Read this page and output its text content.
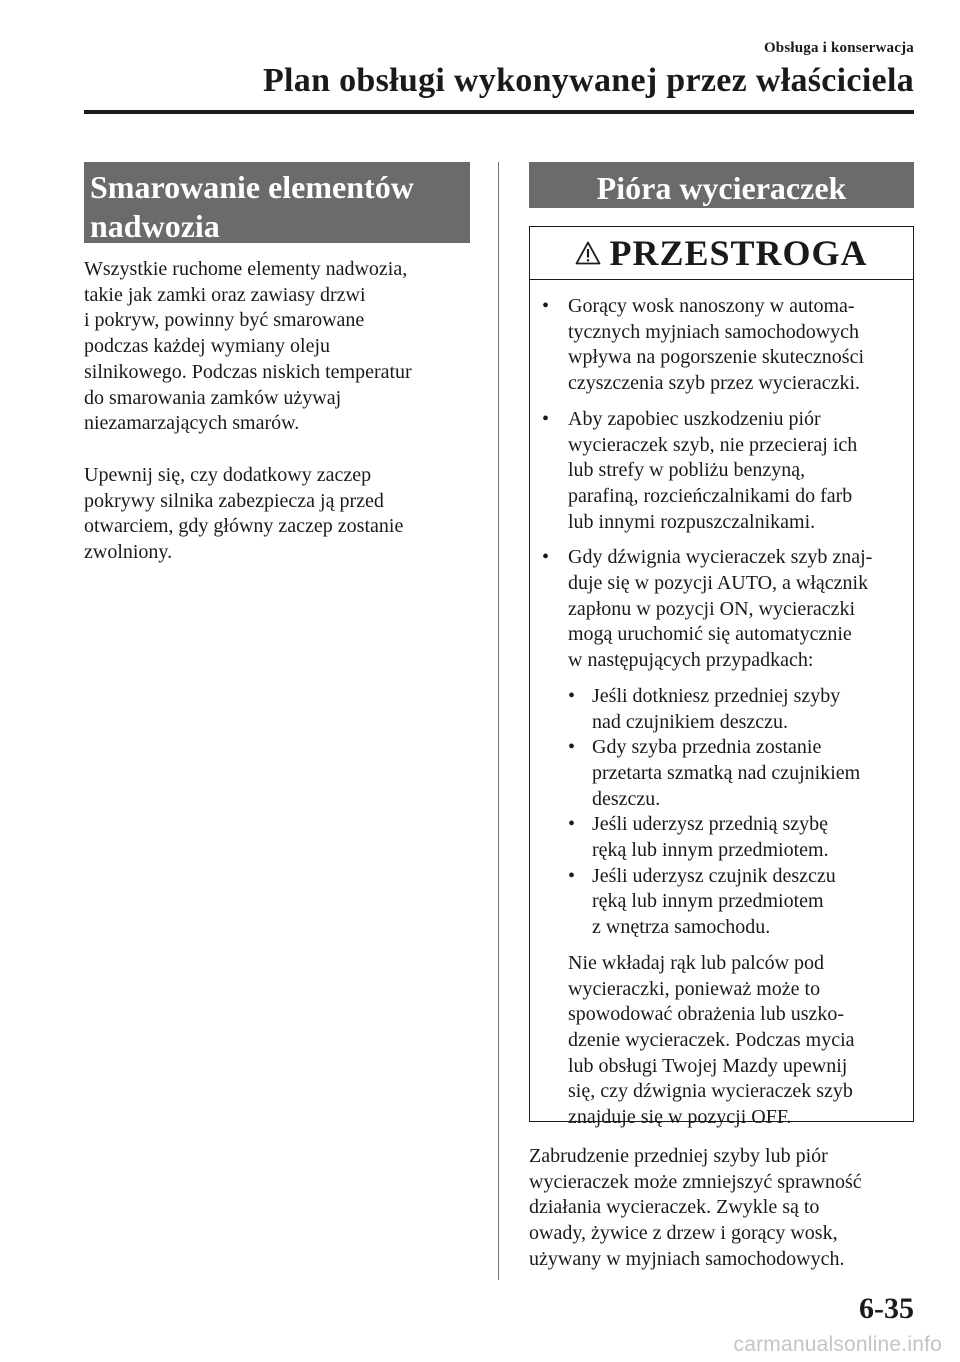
Obsługa i konserwacja
Plan obsługi wykonywanej przez właściciela
Smarowanie elementów
nadwozia
Wszystkie ruchome elementy nadwozia,
takie jak zamki oraz zawiasy drzwi
i pokryw, powinny być smarowane
podczas każdej wymiany oleju
silnikowego. Podczas niskich temperatur
do smarowania zamków używaj
niezamarzających smarów.
Upewnij się, czy dodatkowy zaczep
pokrywy silnika zabezpiecza ją przed
otwarciem, gdy główny zaczep zostanie
zwolniony.
Pióra wycieraczek
PRZESTROGA
• Gorący wosk nanoszony w automa-
tycznych myjniach samochodowych
wpływa na pogorszenie skuteczności
czyszczenia szyb przez wycieraczki.
• Aby zapobiec uszkodzeniu piór
wycieraczek szyb, nie przecieraj ich
lub strefy w pobliżu benzyną,
parafiną, rozcieńczalnikami do farb
lub innymi rozpuszczalnikami.
• Gdy dźwignia wycieraczek szyb znaj-
duje się w pozycji AUTO, a włącznik
zapłonu w pozycji ON, wycieraczki
mogą uruchomić się automatycznie
w następujących przypadkach:
• Jeśli dotkniesz przedniej szyby
nad czujnikiem deszczu.
• Gdy szyba przednia zostanie
przetarta szmatką nad czujnikiem
deszczu.
• Jeśli uderzysz przednią szybę
ręką lub innym przedmiotem.
• Jeśli uderzysz czujnik deszczu
ręką lub innym przedmiotem
z wnętrza samochodu.
Nie wkładaj rąk lub palców pod
wycieraczki, ponieważ może to
spowodować obrażenia lub uszko-
dzenie wycieraczek. Podczas mycia
lub obsługi Twojej Mazdy upewnij
się, czy dźwignia wycieraczek szyb
znajduje się w pozycji OFF.
Zabrudzenie przedniej szyby lub piór
wycieraczek może zmniejszyć sprawność
działania wycieraczek. Zwykle są to
owady, żywice z drzew i gorący wosk,
używany w myjniach samochodowych.
6-35
carmanualsonline.info
